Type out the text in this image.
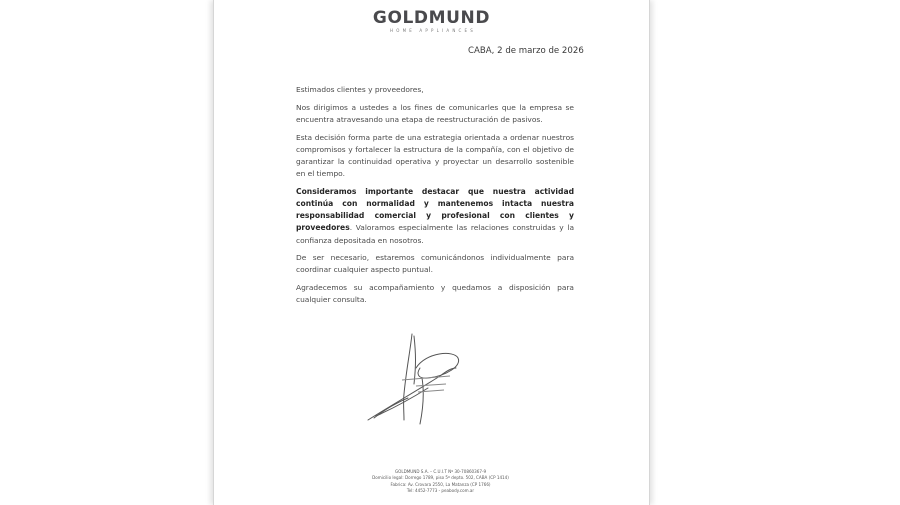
GOLDMUND
HOME APPLIANCES
CABA, 2 de marzo de 2026

Estimados clientes y proveedores,

Nos dirigimos a ustedes a los fines de comunicarles que la empresa se encuentra atravesando una etapa de reestructuración de pasivos.

Esta decisión forma parte de una estrategia orientada a ordenar nuestros compromisos y fortalecer la estructura de la compañía, con el objetivo de garantizar la continuidad operativa y proyectar un desarrollo sostenible en el tiempo.

Consideramos importante destacar que nuestra actividad continúa con normalidad y mantenemos intacta nuestra responsabilidad comercial y profesional con clientes y proveedores. Valoramos especialmente las relaciones construidas y la confianza depositada en nosotros.

De ser necesario, estaremos comunicándonos individualmente para coordinar cualquier aspecto puntual.

Agradecemos su acompañamiento y quedamos a disposición para cualquier consulta.

GOLDMUND S.A. – C.U.I.T Nº 30-70860367-9
Domicilio legal: Dorrego 1789, piso 5º depto. 502, CABA (CP 1414)
Fabrica: Av. Crovara 2550, La Matanza (CP 1766)
Tel: 4452-7773 - peabody.com.ar
